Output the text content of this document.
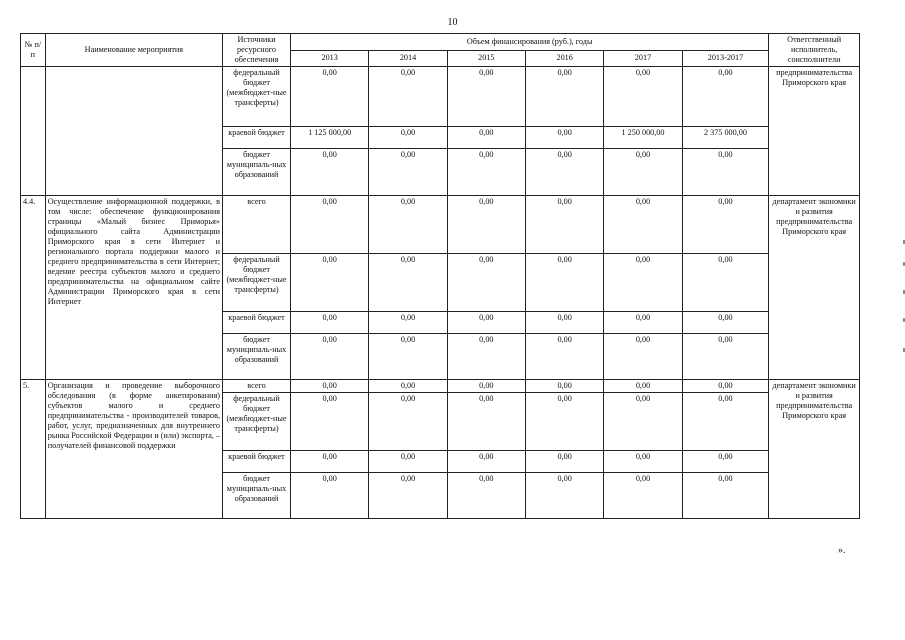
10
№ п/п	Наименование мероприятия	Источники ресурсного обеспечения	Объем финансирования (руб.), годы						Ответственный исполнитель, соисполнители
			2013	2014	2015	2016	2017	2013-2017	
		федеральный бюджет (межбюджет-ные трансферты)	0,00	0,00	0,00	0,00	0,00	0,00	предпринимательства Приморского края
		краевой бюджет	1 125 000,00	0,00	0,00	0,00	1 250 000,00	2 375 000,00	
		бюджет муниципаль-ных образований	0,00	0,00	0,00	0,00	0,00	0,00	
4.4.	Осуществление информационной поддержки, в том числе: обеспечение функционирования страницы «Малый бизнес Приморья» официального сайта Администрации Приморского края в сети Интернет и регионального портала поддержки малого и среднего предпринимательства в сети Интернет; ведение реестра субъектов малого и среднего предпринимательства на официальном сайте Администрации Приморского края в сети Интернет	всего	0,00	0,00	0,00	0,00	0,00	0,00	департамент экономики и развития предпринимательства Приморского края
		федеральный бюджет (межбюджет-ные трансферты)	0,00	0,00	0,00	0,00	0,00	0,00	
		краевой бюджет	0,00	0,00	0,00	0,00	0,00	0,00	
		бюджет муниципаль-ных образований	0,00	0,00	0,00	0,00	0,00	0,00	
5.	Организация и проведение выборочного обследования (в форме анкетирования) субъектов малого и среднего предпринимательства - производителей товаров, работ, услуг, предназначенных для внутреннего рынка Российской Федерации и (или) экспорта, – получателей финансовой поддержки	всего	0,00	0,00	0,00	0,00	0,00	0,00	департамент экономики и развития предпринимательства Приморского края
		федеральный бюджет (межбюджет-ные трансферты)	0,00	0,00	0,00	0,00	0,00	0,00	
		краевой бюджет	0,00	0,00	0,00	0,00	0,00	0,00	
		бюджет муниципаль-ных образований	0,00	0,00	0,00	0,00	0,00	0,00	
».
